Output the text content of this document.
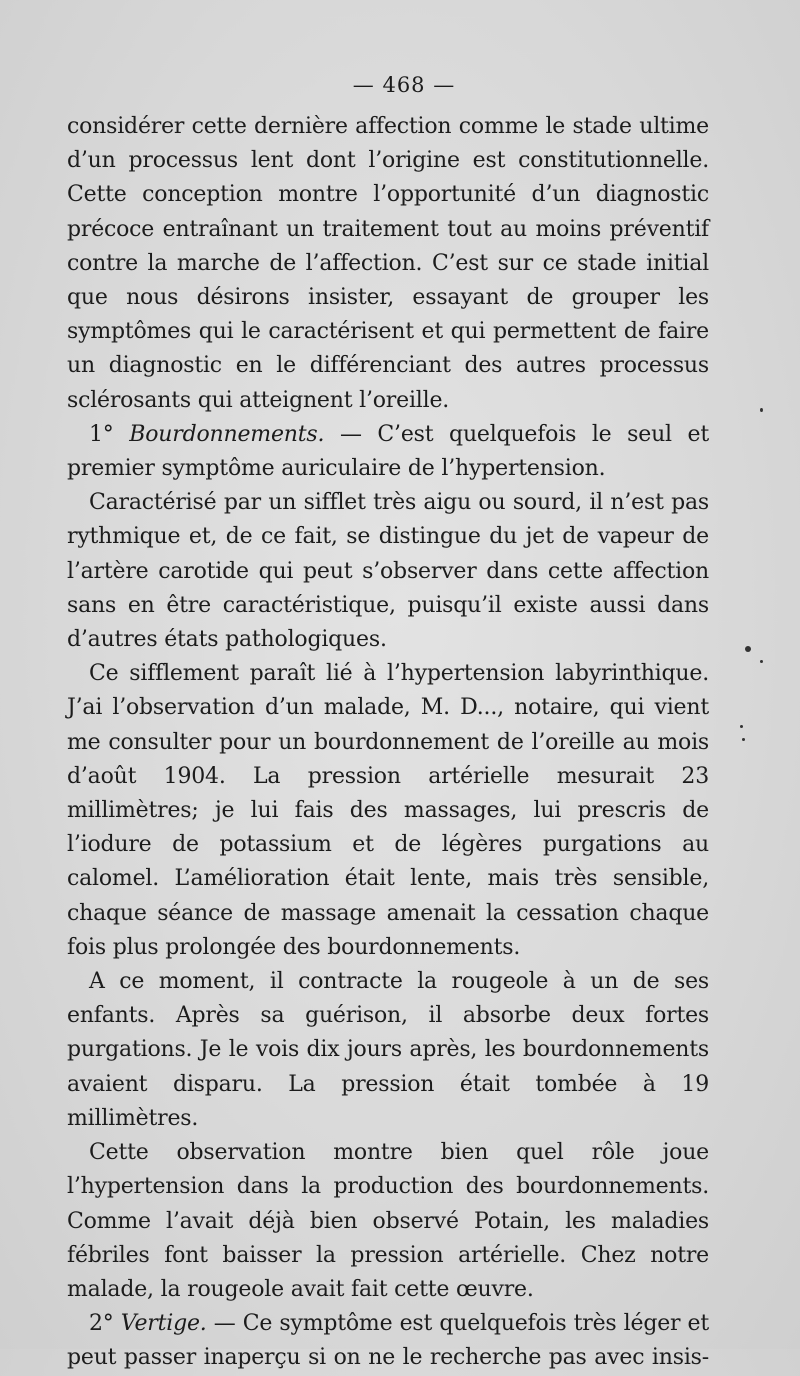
— 468 —

considérer cette dernière affection comme le stade ultime d’un processus lent dont l’origine est constitutionnelle. Cette conception montre l’opportunité d’un diagnostic précoce entraînant un traitement tout au moins préventif contre la marche de l’affection. C’est sur ce stade initial que nous désirons insister, essayant de grouper les symptômes qui le caractérisent et qui permettent de faire un diagnostic en le différenciant des autres processus sclérosants qui atteignent l’oreille.

1° Bourdonnements. — C’est quelquefois le seul et premier symptôme auriculaire de l’hypertension.

Caractérisé par un sifflet très aigu ou sourd, il n’est pas rythmique et, de ce fait, se distingue du jet de vapeur de l’artère carotide qui peut s’observer dans cette affection sans en être caractéristique, puisqu’il existe aussi dans d’autres états pathologiques.

Ce sifflement paraît lié à l’hypertension labyrinthique. J’ai l’observation d’un malade, M. D..., notaire, qui vient me consulter pour un bourdonnement de l’oreille au mois d’août 1904. La pression artérielle mesurait 23 millimètres; je lui fais des massages, lui prescris de l’iodure de potassium et de légères purgations au calomel. L’amélioration était lente, mais très sensible, chaque séance de massage amenait la cessation chaque fois plus prolongée des bourdonnements.

A ce moment, il contracte la rougeole à un de ses enfants. Après sa guérison, il absorbe deux fortes purgations. Je le vois dix jours après, les bourdonnements avaient disparu. La pression était tombée à 19 millimètres.

Cette observation montre bien quel rôle joue l’hypertension dans la production des bourdonnements. Comme l’avait déjà bien observé Potain, les maladies fébriles font baisser la pression artérielle. Chez notre malade, la rougeole avait fait cette œuvre.

2° Vertige. — Ce symptôme est quelquefois très léger et peut passer inaperçu si on ne le recherche pas avec insis-
